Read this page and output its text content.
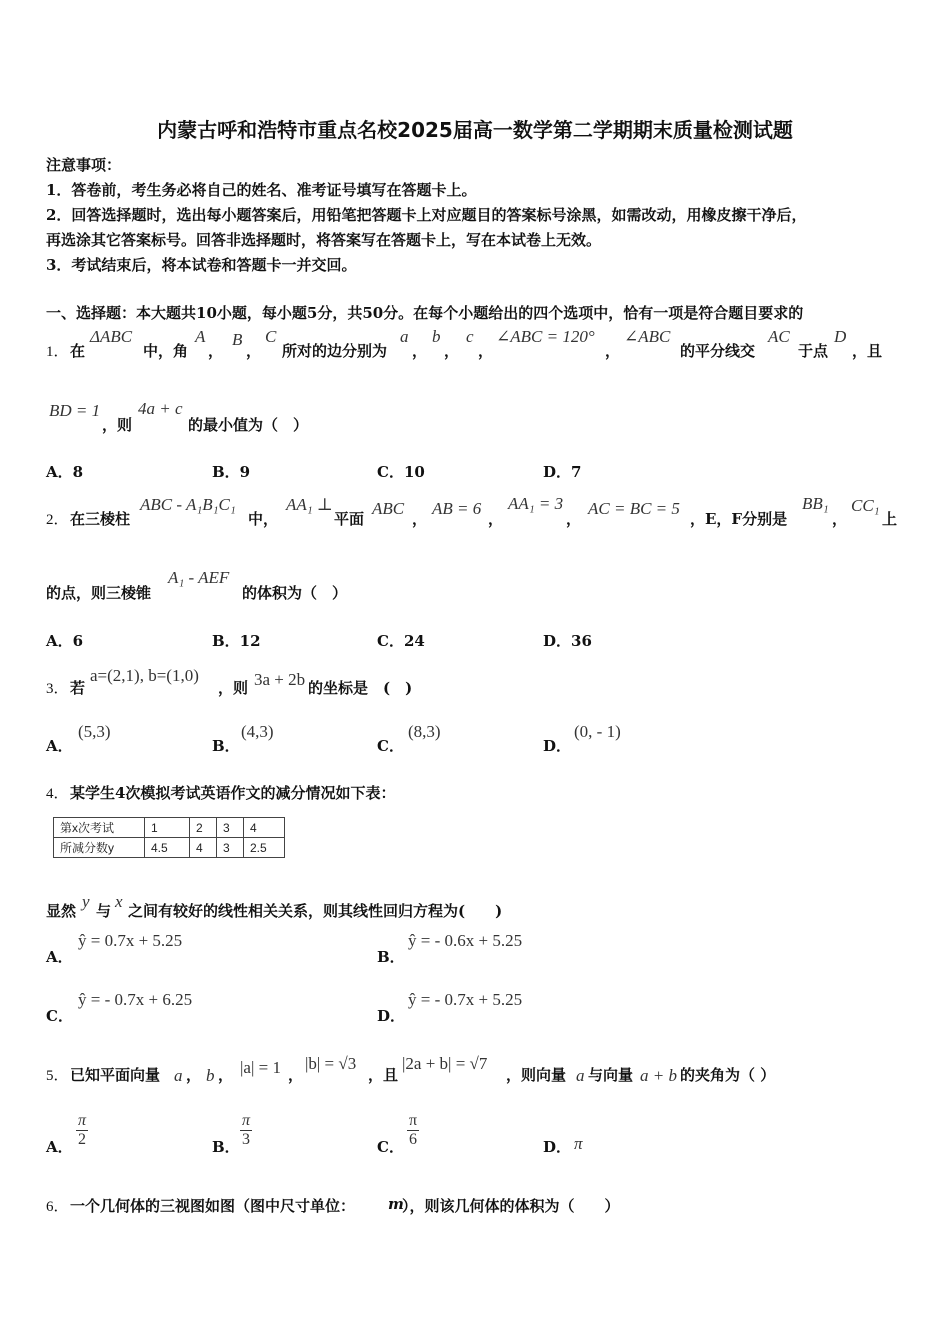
内蒙古呼和浩特市重点名校2025届高一数学第二学期期末质量检测试题
注意事项：
1．答卷前，考生务必将自己的姓名、准考证号填写在答题卡上。
2．回答选择题时，选出每小题答案后，用铅笔把答题卡上对应题目的答案标号涂黑，如需改动，用橡皮擦干净后，
再选涂其它答案标号。回答非选择题时，将答案写在答题卡上，写在本试卷上无效。
3．考试结束后，将本试卷和答题卡一并交回。
一、选择题：本大题共10小题，每小题5分，共50分。在每个小题给出的四个选项中，恰有一项是符合题目要求的
1． 在
ΔABC
中，角
A
，
B
，
C
所对的边分别为
a
，
b
，
c
，
∠ABC = 120°
，
∠ABC
的平分线交
AC
于点
D
，且
BD = 1
，则
4a + c
的最小值为（　）
A．8	B．9	C．10	D．7
2． 在三棱柱
ABC - A₁B₁C₁
中，
AA₁ ⊥
平面
ABC
，
AB = 6
，
AA₁ = 3
，
AC = BC = 5
，E，F分别是
BB₁
，
CC₁
上
的点，则三棱锥
A₁ - AEF
的体积为（　）
A．6	B．12	C．24	D．36
3． 若
a=(2,1), b=(1,0)
，则 3a + 2b 的坐标是　(　)
A．
(5,3)
B．
(4,3)
C．
(8,3)
D．
(0, - 1)
4． 某学生4次模拟考试英语作文的减分情况如下表：
第x次考试	1	2	3	4
所减分数y	4.5	4	3	2.5
显然 y 与 x 之间有较好的线性相关关系，则其线性回归方程为(　　)
A．
ŷ = 0.7x + 5.25
B．
ŷ = - 0.6x + 5.25
C．
ŷ = - 0.7x + 6.25
D．
ŷ = - 0.7x + 5.25
5． 已知平面向量 a ， b ， |a| = 1 ，
|b| = √3
，且
|2a + b| = √7
，则向量 a 与向量 a + b 的夹角为（ ）
A． $\frac{\pi}{2}$	B． $\frac{\pi}{3}$	C． $\frac{\pi}{6}$	D． π
6． 一个几何体的三视图如图（图中尺寸单位： m
），则该几何体的体积为（　　）
